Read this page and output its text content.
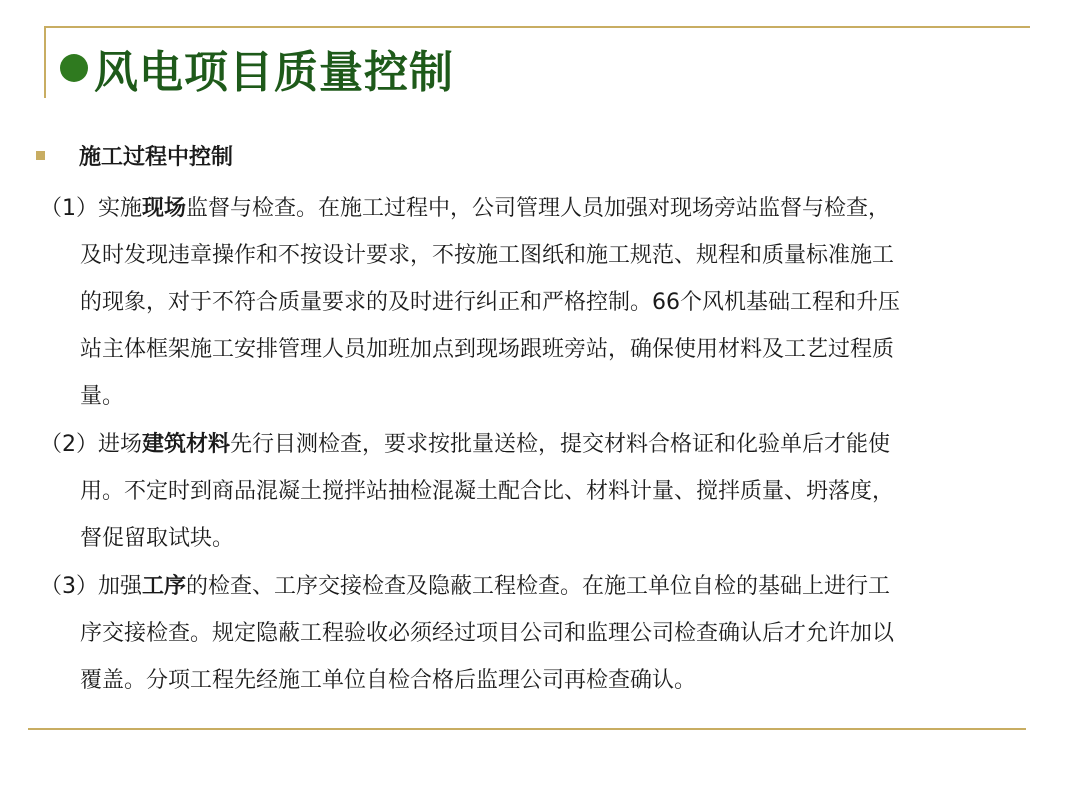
风电项目质量控制
施工过程中控制
（1）实施现场监督与检查。在施工过程中，公司管理人员加强对现场旁站监督与检查，
及时发现违章操作和不按设计要求，不按施工图纸和施工规范、规程和质量标准施工
的现象，对于不符合质量要求的及时进行纠正和严格控制。66个风机基础工程和升压
站主体框架施工安排管理人员加班加点到现场跟班旁站，确保使用材料及工艺过程质
量。
（2）进场建筑材料先行目测检查，要求按批量送检，提交材料合格证和化验单后才能使
用。不定时到商品混凝土搅拌站抽检混凝土配合比、材料计量、搅拌质量、坍落度，
督促留取试块。
（3）加强工序的检查、工序交接检查及隐蔽工程检查。在施工单位自检的基础上进行工
序交接检查。规定隐蔽工程验收必须经过项目公司和监理公司检查确认后才允许加以
覆盖。分项工程先经施工单位自检合格后监理公司再检查确认。
